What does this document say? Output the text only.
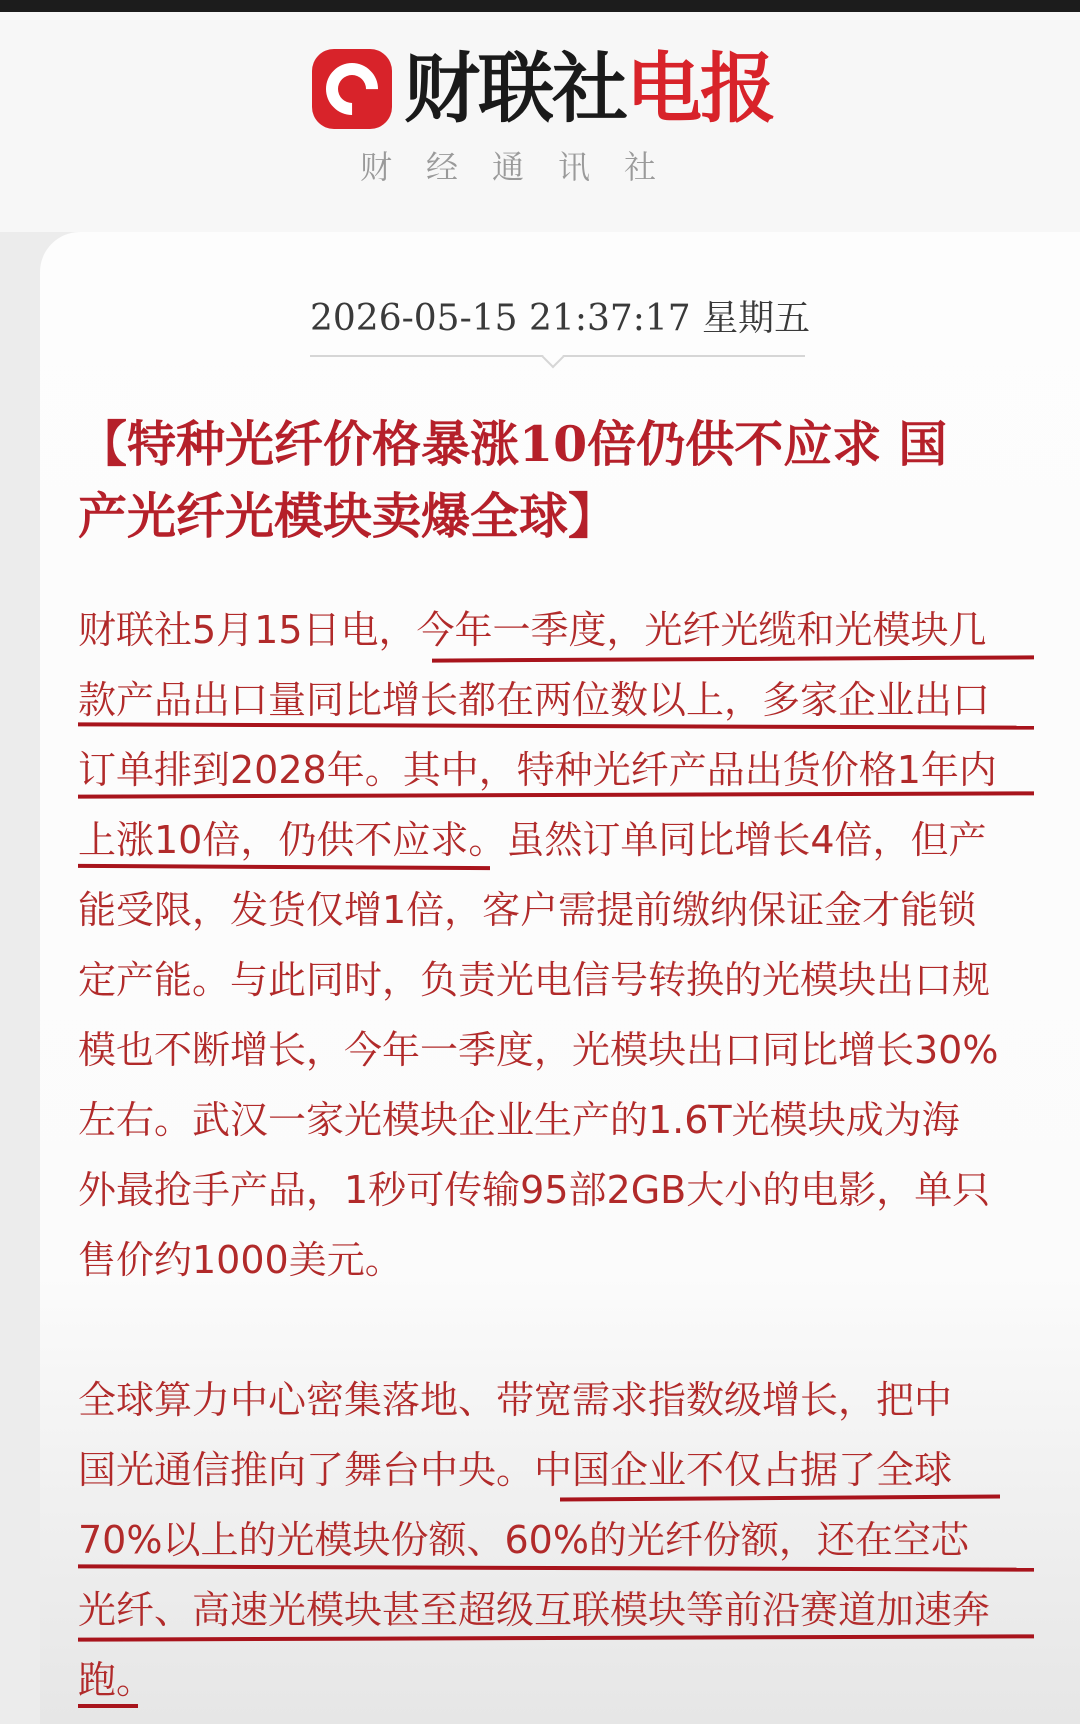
财联社 电报
财经通讯社
2026-05-15 21:37:17 星期五
【特种光纤价格暴涨10倍仍供不应求 国
产光纤光模块卖爆全球】
财联社5月15日电，今年一季度，光纤光缆和光模块几
款产品出口量同比增长都在两位数以上，多家企业出口
订单排到2028年。其中，特种光纤产品出货价格1年内
上涨10倍，仍供不应求。虽然订单同比增长4倍，但产
能受限，发货仅增1倍，客户需提前缴纳保证金才能锁
定产能。与此同时，负责光电信号转换的光模块出口规
模也不断增长，今年一季度，光模块出口同比增长30%
左右。武汉一家光模块企业生产的1.6T光模块成为海
外最抢手产品，1秒可传输95部2GB大小的电影，单只
售价约1000美元。
全球算力中心密集落地、带宽需求指数级增长，把中
国光通信推向了舞台中央。中国企业不仅占据了全球
70%以上的光模块份额、60%的光纤份额，还在空芯
光纤、高速光模块甚至超级互联模块等前沿赛道加速奔
跑。
